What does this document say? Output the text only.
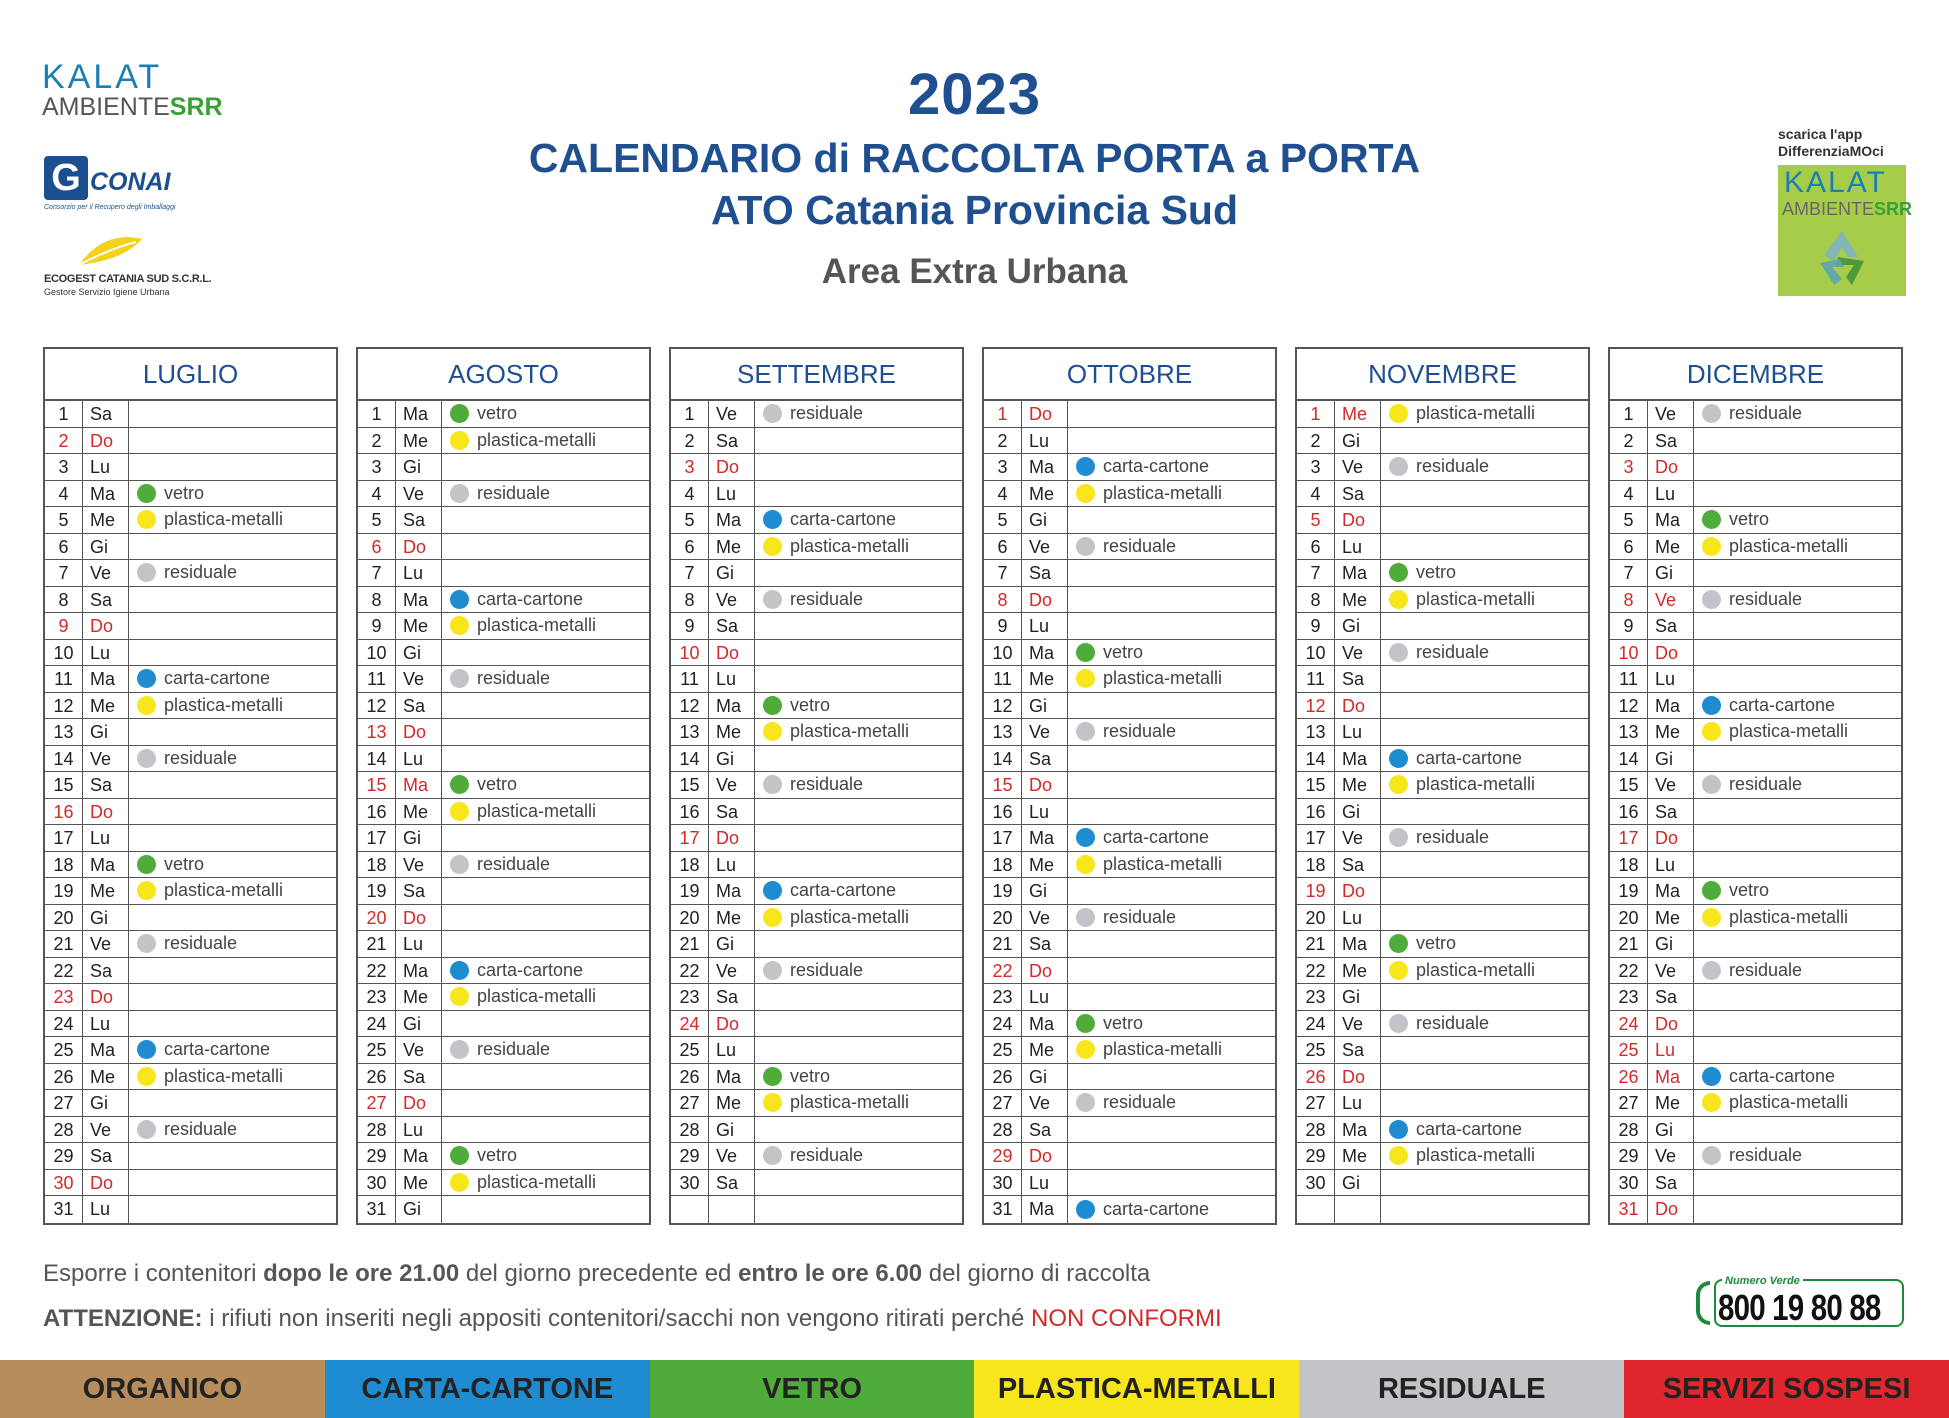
KALAT
AMBIENTESRR
G CONAI
Consorzio per il Recupero degli Imballaggi
ECOGEST CATANIA SUD S.C.R.L.
Gestore Servizio Igiene Urbana
scarica l'app
DifferenziaMOci
KALAT
AMBIENTESRR
2023
CALENDARIO di RACCOLTA PORTA a PORTA
ATO Catania Provincia Sud
Area Extra Urbana
LUGLIO
1	Sa
2	Do
3	Lu
4	Ma	vetro
5	Me	plastica-metalli
6	Gi
7	Ve	residuale
8	Sa
9	Do
10 Lu
11 Ma	carta-cartone
12 Me	plastica-metalli
13 Gi
14 Ve	residuale
15 Sa
16 Do
17 Lu
18 Ma	vetro
19 Me	plastica-metalli
20 Gi
21 Ve	residuale
22 Sa
23 Do
24 Lu
25 Ma	carta-cartone
26 Me	plastica-metalli
27 Gi
28 Ve	residuale
29 Sa
30 Do
31 Lu
AGOSTO
1	Ma	vetro
2	Me	plastica-metalli
3	Gi
4	Ve	residuale
5	Sa
6	Do
7	Lu
8	Ma	carta-cartone
9	Me	plastica-metalli
10 Gi
11 Ve	residuale
12 Sa
13 Do
14 Lu
15 Ma	vetro
16 Me	plastica-metalli
17 Gi
18 Ve	residuale
19 Sa
20 Do
21 Lu
22 Ma	carta-cartone
23 Me	plastica-metalli
24 Gi
25 Ve	residuale
26 Sa
27 Do
28 Lu
29 Ma	vetro
30 Me	plastica-metalli
31 Gi
SETTEMBRE
1	Ve	residuale
2	Sa
3	Do
4	Lu
5	Ma	carta-cartone
6	Me	plastica-metalli
7	Gi
8	Ve	residuale
9	Sa
10 Do
11 Lu
12 Ma	vetro
13 Me	plastica-metalli
14 Gi
15 Ve	residuale
16 Sa
17 Do
18 Lu
19 Ma	carta-cartone
20 Me	plastica-metalli
21 Gi
22 Ve	residuale
23 Sa
24 Do
25 Lu
26 Ma	vetro
27 Me	plastica-metalli
28 Gi
29 Ve	residuale
30 Sa
OTTOBRE
1	Do
2	Lu
3	Ma	carta-cartone
4	Me	plastica-metalli
5	Gi
6	Ve	residuale
7	Sa
8	Do
9	Lu
10 Ma	vetro
11 Me	plastica-metalli
12 Gi
13 Ve	residuale
14 Sa
15 Do
16 Lu
17 Ma	carta-cartone
18 Me	plastica-metalli
19 Gi
20 Ve	residuale
21 Sa
22 Do
23 Lu
24 Ma	vetro
25 Me	plastica-metalli
26 Gi
27 Ve	residuale
28 Sa
29 Do
30 Lu
31 Ma	carta-cartone
NOVEMBRE
1	Me	plastica-metalli
2	Gi
3	Ve	residuale
4	Sa
5	Do
6	Lu
7	Ma	vetro
8	Me	plastica-metalli
9	Gi
10 Ve	residuale
11 Sa
12 Do
13 Lu
14 Ma	carta-cartone
15 Me	plastica-metalli
16 Gi
17 Ve	residuale
18 Sa
19 Do
20 Lu
21 Ma	vetro
22 Me	plastica-metalli
23 Gi
24 Ve	residuale
25 Sa
26 Do
27 Lu
28 Ma	carta-cartone
29 Me	plastica-metalli
30 Gi
DICEMBRE
1	Ve	residuale
2	Sa
3	Do
4	Lu
5	Ma	vetro
6	Me	plastica-metalli
7	Gi
8	Ve	residuale
9	Sa
10 Do
11 Lu
12 Ma	carta-cartone
13 Me	plastica-metalli
14 Gi
15 Ve	residuale
16 Sa
17 Do
18 Lu
19 Ma	vetro
20 Me	plastica-metalli
21 Gi
22 Ve	residuale
23 Sa
24 Do
25 Lu
26 Ma	carta-cartone
27 Me	plastica-metalli
28 Gi
29 Ve	residuale
30 Sa
31 Do
Esporre i contenitori dopo le ore 21.00 del giorno precedente ed entro le ore 6.00 del giorno di raccolta
ATTENZIONE: i rifiuti non inseriti negli appositi contenitori/sacchi non vengono ritirati perché NON CONFORMI
Numero Verde
800 19 80 88
ORGANICO	CARTA-CARTONE	VETRO	PLASTICA-METALLI	RESIDUALE	SERVIZI SOSPESI
